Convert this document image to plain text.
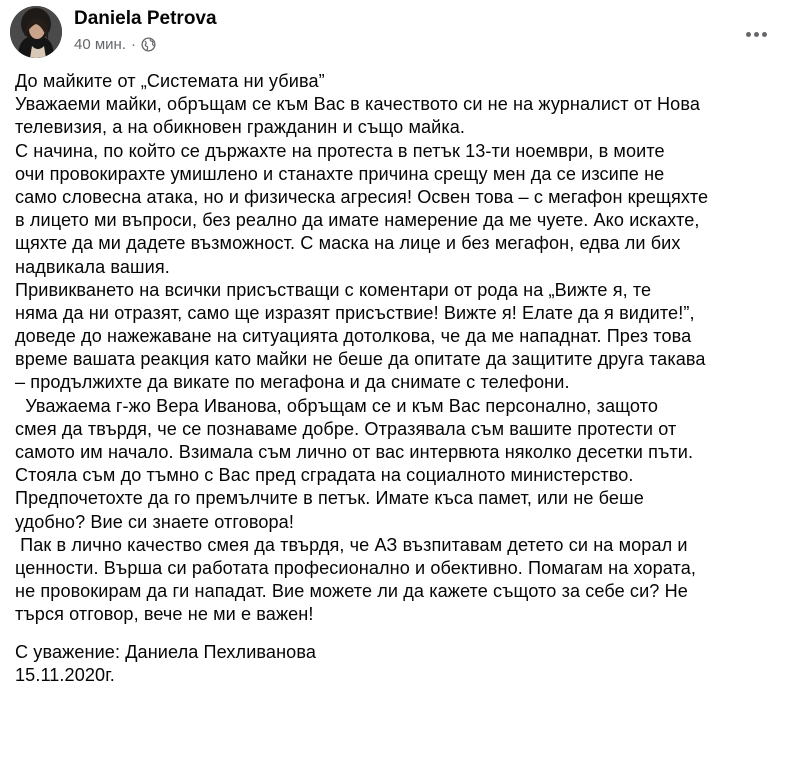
Daniela Petrova
40 мин. ·
До майките от „Системата ни убива”
Уважаеми майки, обръщам се към Вас в качеството си не на журналист от Нова
телевизия, а на обикновен гражданин и също майка.
С начина, по който се държахте на протеста в петък 13-ти ноември, в моите
очи провокирахте умишлено и станахте причина срещу мен да се изсипе не
само словесна атака, но и физическа агресия! Освен това – с мегафон крещяхте
в лицето ми въпроси, без реално да имате намерение да ме чуете. Ако искахте,
щяхте да ми дадете възможност. С маска на лице и без мегафон, едва ли бих
надвикала вашия.
Привикването на всички присъстващи с коментари от рода на „Вижте я, те
няма да ни отразят, само ще изразят присъствие! Вижте я! Елате да я видите!”,
доведе до нажежаване на ситуацията дотолкова, че да ме нападнат. През това
време вашата реакция като майки не беше да опитате да защитите друга такава
– продължихте да викате по мегафона и да снимате с телефони.
Уважаема г-жо Вера Иванова, обръщам се и към Вас персонално, защото
смея да твърдя, че се познаваме добре. Отразявала съм вашите протести от
самото им начало. Взимала съм лично от вас интервюта няколко десетки пъти.
Стояла съм до тъмно с Вас пред сградата на социалното министерство.
Предпочетохте да го премълчите в петък. Имате къса памет, или не беше
удобно? Вие си знаете отговора!
Пак в лично качество смея да твърдя, че АЗ възпитавам детето си на морал и
ценности. Върша си работата професионално и обективно. Помагам на хората,
не провокирам да ги нападат. Вие можете ли да кажете същото за себе си? Не
търся отговор, вече не ми е важен!
С уважение: Даниела Пехливанова
15.11.2020г.
